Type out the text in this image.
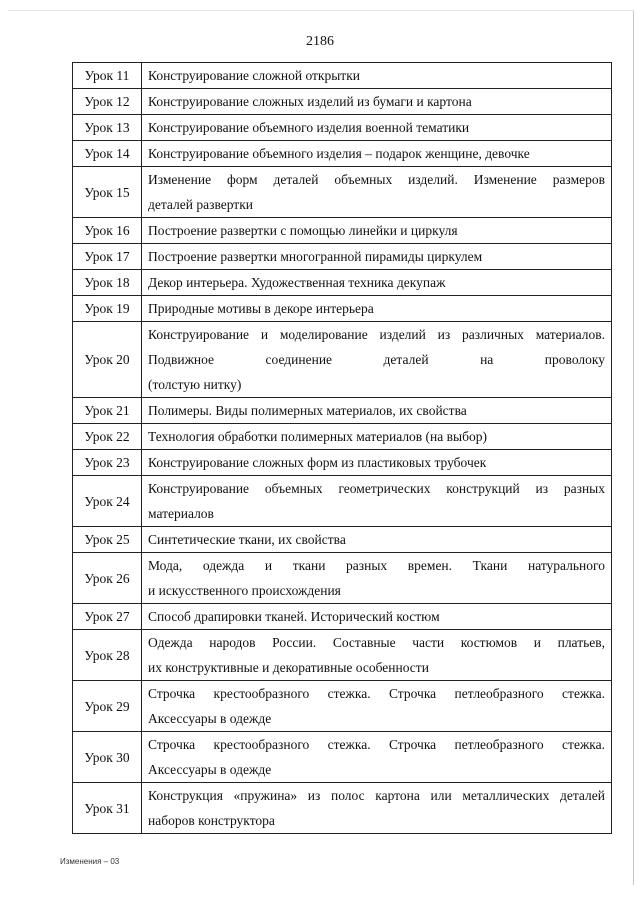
2186
Урок 11	Конструирование сложной открытки

Урок 12	Конструирование сложных изделий из бумаги и картона

Урок 13	Конструирование объемного изделия военной тематики

Урок 14	Конструирование объемного изделия – подарок женщине, девочке

Урок 15	Изменение форм деталей объемных изделий. Изменение размеров
деталей развертки

Урок 16	Построение развертки с помощью линейки и циркуля

Урок 17	Построение развертки многогранной пирамиды циркулем

Урок 18	Декор интерьера. Художественная техника декупаж

Урок 19	Природные мотивы в декоре интерьера

Урок 20	Конструирование и моделирование изделий из различных материалов.
Подвижное соединение деталей на проволоку
(толстую нитку)

Урок 21	Полимеры. Виды полимерных материалов, их свойства

Урок 22	Технология обработки полимерных материалов (на выбор)

Урок 23	Конструирование сложных форм из пластиковых трубочек

Урок 24	Конструирование объемных геометрических конструкций из разных
материалов

Урок 25	Синтетические ткани, их свойства

Урок 26	Мода, одежда и ткани разных времен. Ткани натурального
и искусственного происхождения

Урок 27	Способ драпировки тканей. Исторический костюм

Урок 28	Одежда народов России. Составные части костюмов и платьев,
их конструктивные и декоративные особенности

Урок 29	Строчка крестообразного стежка. Строчка петлеобразного стежка.
Аксессуары в одежде

Урок 30	Строчка крестообразного стежка. Строчка петлеобразного стежка.
Аксессуары в одежде

Урок 31	Конструкция «пружина» из полос картона или металлических деталей
наборов конструктора
Изменения – 03
